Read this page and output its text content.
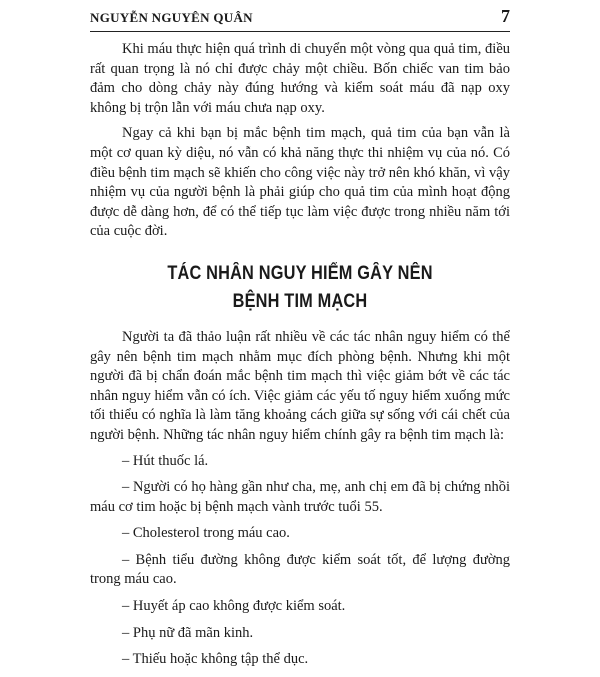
NGUYỄN NGUYÊN QUÂN	7

Khi máu thực hiện quá trình di chuyển một vòng qua quả tim, điều rất quan trọng là nó chỉ được chảy một chiều. Bốn chiếc van tim bảo đảm cho dòng chảy này đúng hướng và kiểm soát máu đã nạp oxy không bị trộn lẫn với máu chưa nạp oxy.

Ngay cả khi bạn bị mắc bệnh tim mạch, quả tim của bạn vẫn là một cơ quan kỳ diệu, nó vẫn có khả năng thực thi nhiệm vụ của nó. Có điều bệnh tim mạch sẽ khiến cho công việc này trở nên khó khăn, vì vậy nhiệm vụ của người bệnh là phải giúp cho quả tim của mình hoạt động được dễ dàng hơn, để có thể tiếp tục làm việc được trong nhiều năm tới của cuộc đời.

TÁC NHÂN NGUY HIỂM GÂY NÊN
BỆNH TIM MẠCH

Người ta đã thảo luận rất nhiều về các tác nhân nguy hiểm có thể gây nên bệnh tim mạch nhằm mục đích phòng bệnh. Nhưng khi một người đã bị chẩn đoán mắc bệnh tim mạch thì việc giảm bớt về các tác nhân nguy hiểm vẫn có ích. Việc giảm các yếu tố nguy hiểm xuống mức tối thiểu có nghĩa là làm tăng khoảng cách giữa sự sống với cái chết của người bệnh. Những tác nhân nguy hiểm chính gây ra bệnh tim mạch là:

– Hút thuốc lá.

– Người có họ hàng gần như cha, mẹ, anh chị em đã bị chứng nhồi máu cơ tim hoặc bị bệnh mạch vành trước tuổi 55.

– Cholesterol trong máu cao.

– Bệnh tiểu đường không được kiểm soát tốt, để lượng đường trong máu cao.

– Huyết áp cao không được kiểm soát.

– Phụ nữ đã mãn kinh.

– Thiếu hoặc không tập thể dục.
